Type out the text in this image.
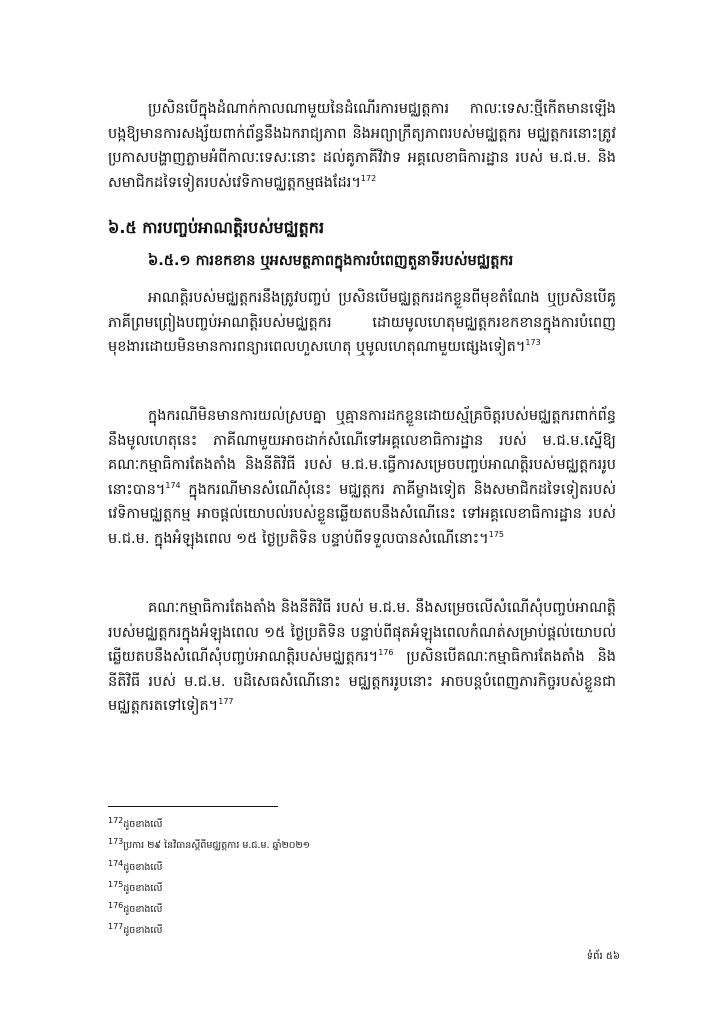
ប្រសិនបើក្នុងដំណាក់កាលណាមួយនៃដំណើរការមជ្ឈត្តការ កាលៈទេសៈថ្មីកើតមានឡើងបង្កឱ្យមានការសង្ស័យពាក់ព័ន្ធនឹងឯករាជ្យភាព និងអព្យាក្រឹត្យភាពរបស់មជ្ឈត្តករ មជ្ឈត្តករនោះត្រូវប្រកាសបង្ហាញភ្លាមអំពីកាលៈទេសៈនោះ ដល់គូភាគីវិវាទ អគ្គលេខាធិការដ្ឋាន របស់ ម.ជ.ម. និងសមាជិកដទៃទៀតរបស់វេទិកាមជ្ឈត្តកម្មផងដែរ។$^{172}$

៦.៥ ការបញ្ចប់អាណត្តិរបស់មជ្ឈត្តករ
៦.៥.១ ការខកខាន ឬអសមត្ថភាពក្នុងការបំពេញតួនាទីរបស់មជ្ឈត្តករ

អាណត្តិរបស់មជ្ឈត្តករនឹងត្រូវបញ្ចប់ ប្រសិនបើមជ្ឈត្តករដកខ្លួនពីមុខតំណែង ឬប្រសិនបើគូភាគីព្រមព្រៀងបញ្ចប់អាណត្តិរបស់មជ្ឈត្តករ ដោយមូលហេតុមជ្ឈត្តករខកខានក្នុងការបំពេញមុខងារដោយមិនមានការពន្យារពេលហួសហេតុ ឬមូលហេតុណាមួយផ្សេងទៀត។$^{173}$

ក្នុងករណីមិនមានការយល់ស្របគ្នា ឬគ្មានការដកខ្លួនដោយស្ម័គ្រចិត្តរបស់មជ្ឈត្តករពាក់ព័ន្ធនឹងមូលហេតុនេះ ភាគីណាមួយអាចដាក់សំណើទៅអគ្គលេខាធិការដ្ឋាន របស់ ម.ជ.ម.ស្នើឱ្យគណៈកម្មាធិការតែងតាំង និងនីតិវិធី របស់ ម.ជ.ម.ធ្វើការសម្រេចបញ្ចប់អាណត្តិរបស់មជ្ឈត្តកររូបនោះបាន។$^{174}$ ក្នុងករណីមានសំណើសុំនេះ មជ្ឈត្តករ ភាគីម្ខាងទៀត និងសមាជិកដទៃទៀតរបស់វេទិកាមជ្ឈត្តកម្ម អាចផ្ដល់យោបល់របស់ខ្លួនឆ្លើយតបនឹងសំណើនេះ ទៅអគ្គលេខាធិការដ្ឋាន របស់ ម.ជ.ម. ក្នុងអំឡុងពេល ១៥ ថ្ងៃប្រតិទិន បន្ទាប់ពីទទួលបានសំណើនោះ។$^{175}$

គណៈកម្មាធិការតែងតាំង និងនីតិវិធី របស់ ម.ជ.ម. នឹងសម្រេចលើសំណើសុំបញ្ចប់អាណត្តិរបស់មជ្ឈត្តករក្នុងអំឡុងពេល ១៥ ថ្ងៃប្រតិទិន បន្ទាប់ពីផុតអំឡុងពេលកំណត់សម្រាប់ផ្ដល់យោបល់ឆ្លើយតបនឹងសំណើសុំបញ្ចប់អាណត្តិរបស់មជ្ឈត្តករ។$^{176}$ ប្រសិនបើគណៈកម្មាធិការតែងតាំង និងនីតិវិធី របស់ ម.ជ.ម. បដិសេធសំណើនោះ មជ្ឈត្តកររូបនោះ អាចបន្តបំពេញភារកិច្ចរបស់ខ្លួនជាមជ្ឈត្តករតទៅទៀត។$^{177}$

$^{172}$ដូចខាងលើ
$^{173}$ប្រការ ២៩ នៃវិធានស្ដីពីមជ្ឈត្តការ ម.ជ.ម. ឆ្នាំ២០២១
$^{174}$ដូចខាងលើ
$^{175}$ដូចខាងលើ
$^{176}$ដូចខាងលើ
$^{177}$ដូចខាងលើ
ទំព័រ ៥៦
